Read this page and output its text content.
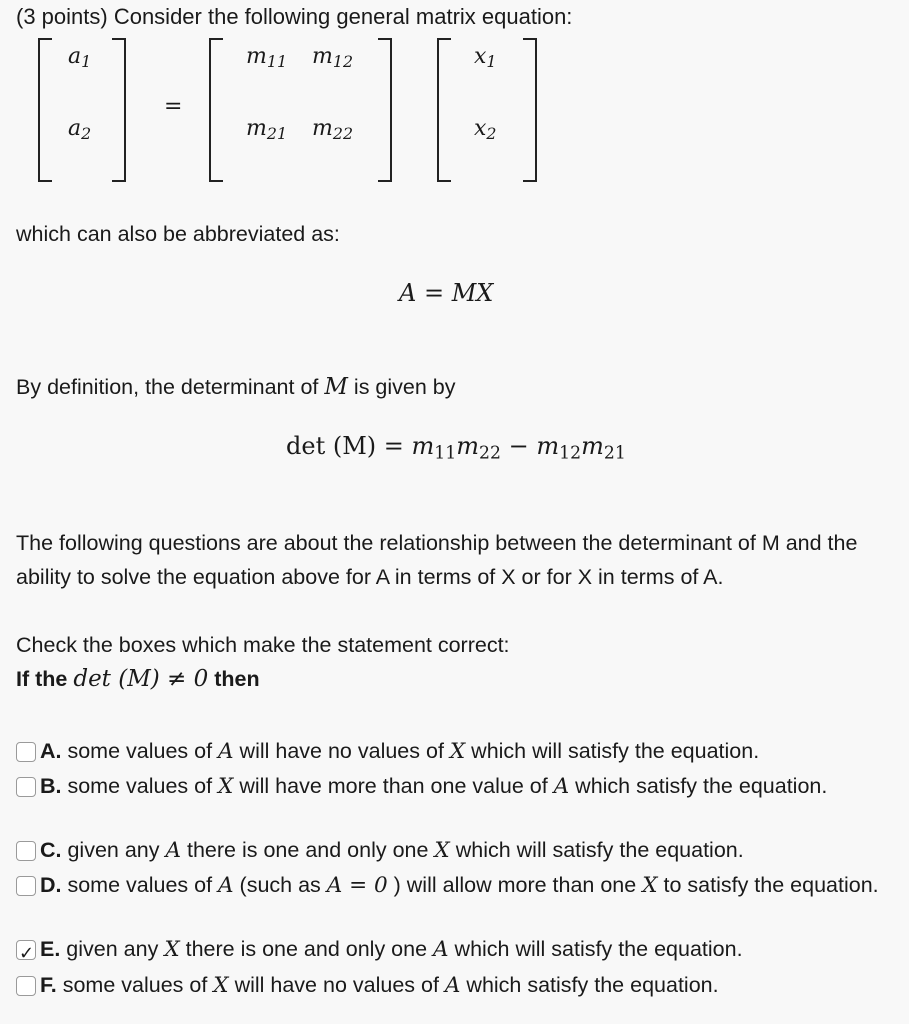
(3 points) Consider the following general matrix equation:
$a_1$
$a_2$
=
$m_{11}$ $m_{12}$
$m_{21}$ $m_{22}$
$x_1$
$x_2$
which can also be abbreviated as:
A = MX
By definition, the determinant of M is given by
$\det (M) = m_{11}m_{22} - m_{12}m_{21}$
The following questions are about the relationship between the determinant of M and the ability to solve the equation above for A in terms of X or for X in terms of A.
Check the boxes which make the statement correct:
If the det (M) ≠ 0 then
A. some values of A will have no values of X which will satisfy the equation.
B. some values of X will have more than one value of A which satisfy the equation.
C. given any A there is one and only one X which will satisfy the equation.
D. some values of A (such as A = 0 ) will allow more than one X to satisfy the equation.
✓E. given any X there is one and only one A which will satisfy the equation.
F. some values of X will have no values of A which satisfy the equation.
